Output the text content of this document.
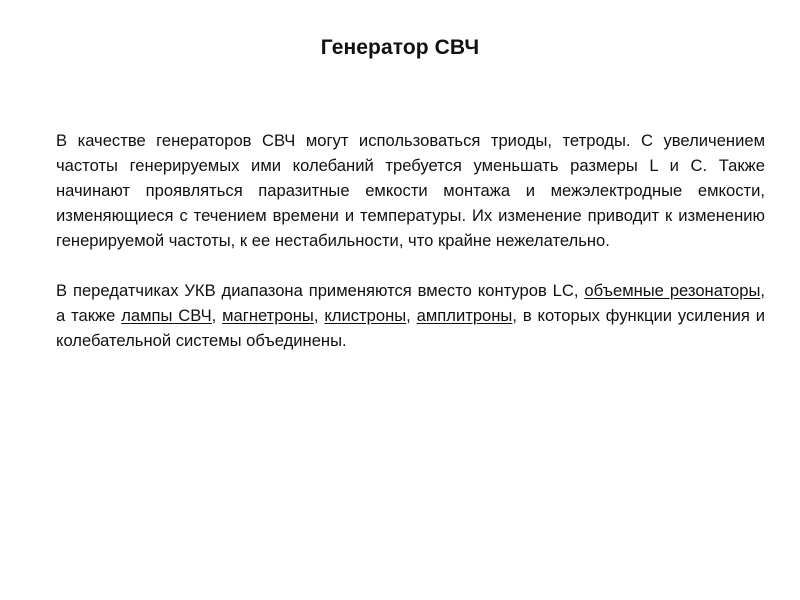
Генератор СВЧ

В качестве генераторов СВЧ могут использоваться триоды, тетроды. С увеличением частоты генерируемых ими колебаний требуется уменьшать размеры L и C. Также начинают проявляться паразитные емкости монтажа и межэлектродные емкости, изменяющиеся с течением времени и температуры. Их изменение приводит к изменению генерируемой частоты, к ее нестабильности, что крайне нежелательно.

В передатчиках УКВ диапазона применяются вместо контуров LC, объемные резонаторы, а также лампы СВЧ, магнетроны, клистроны, амплитроны, в которых функции усиления и колебательной системы объединены.
